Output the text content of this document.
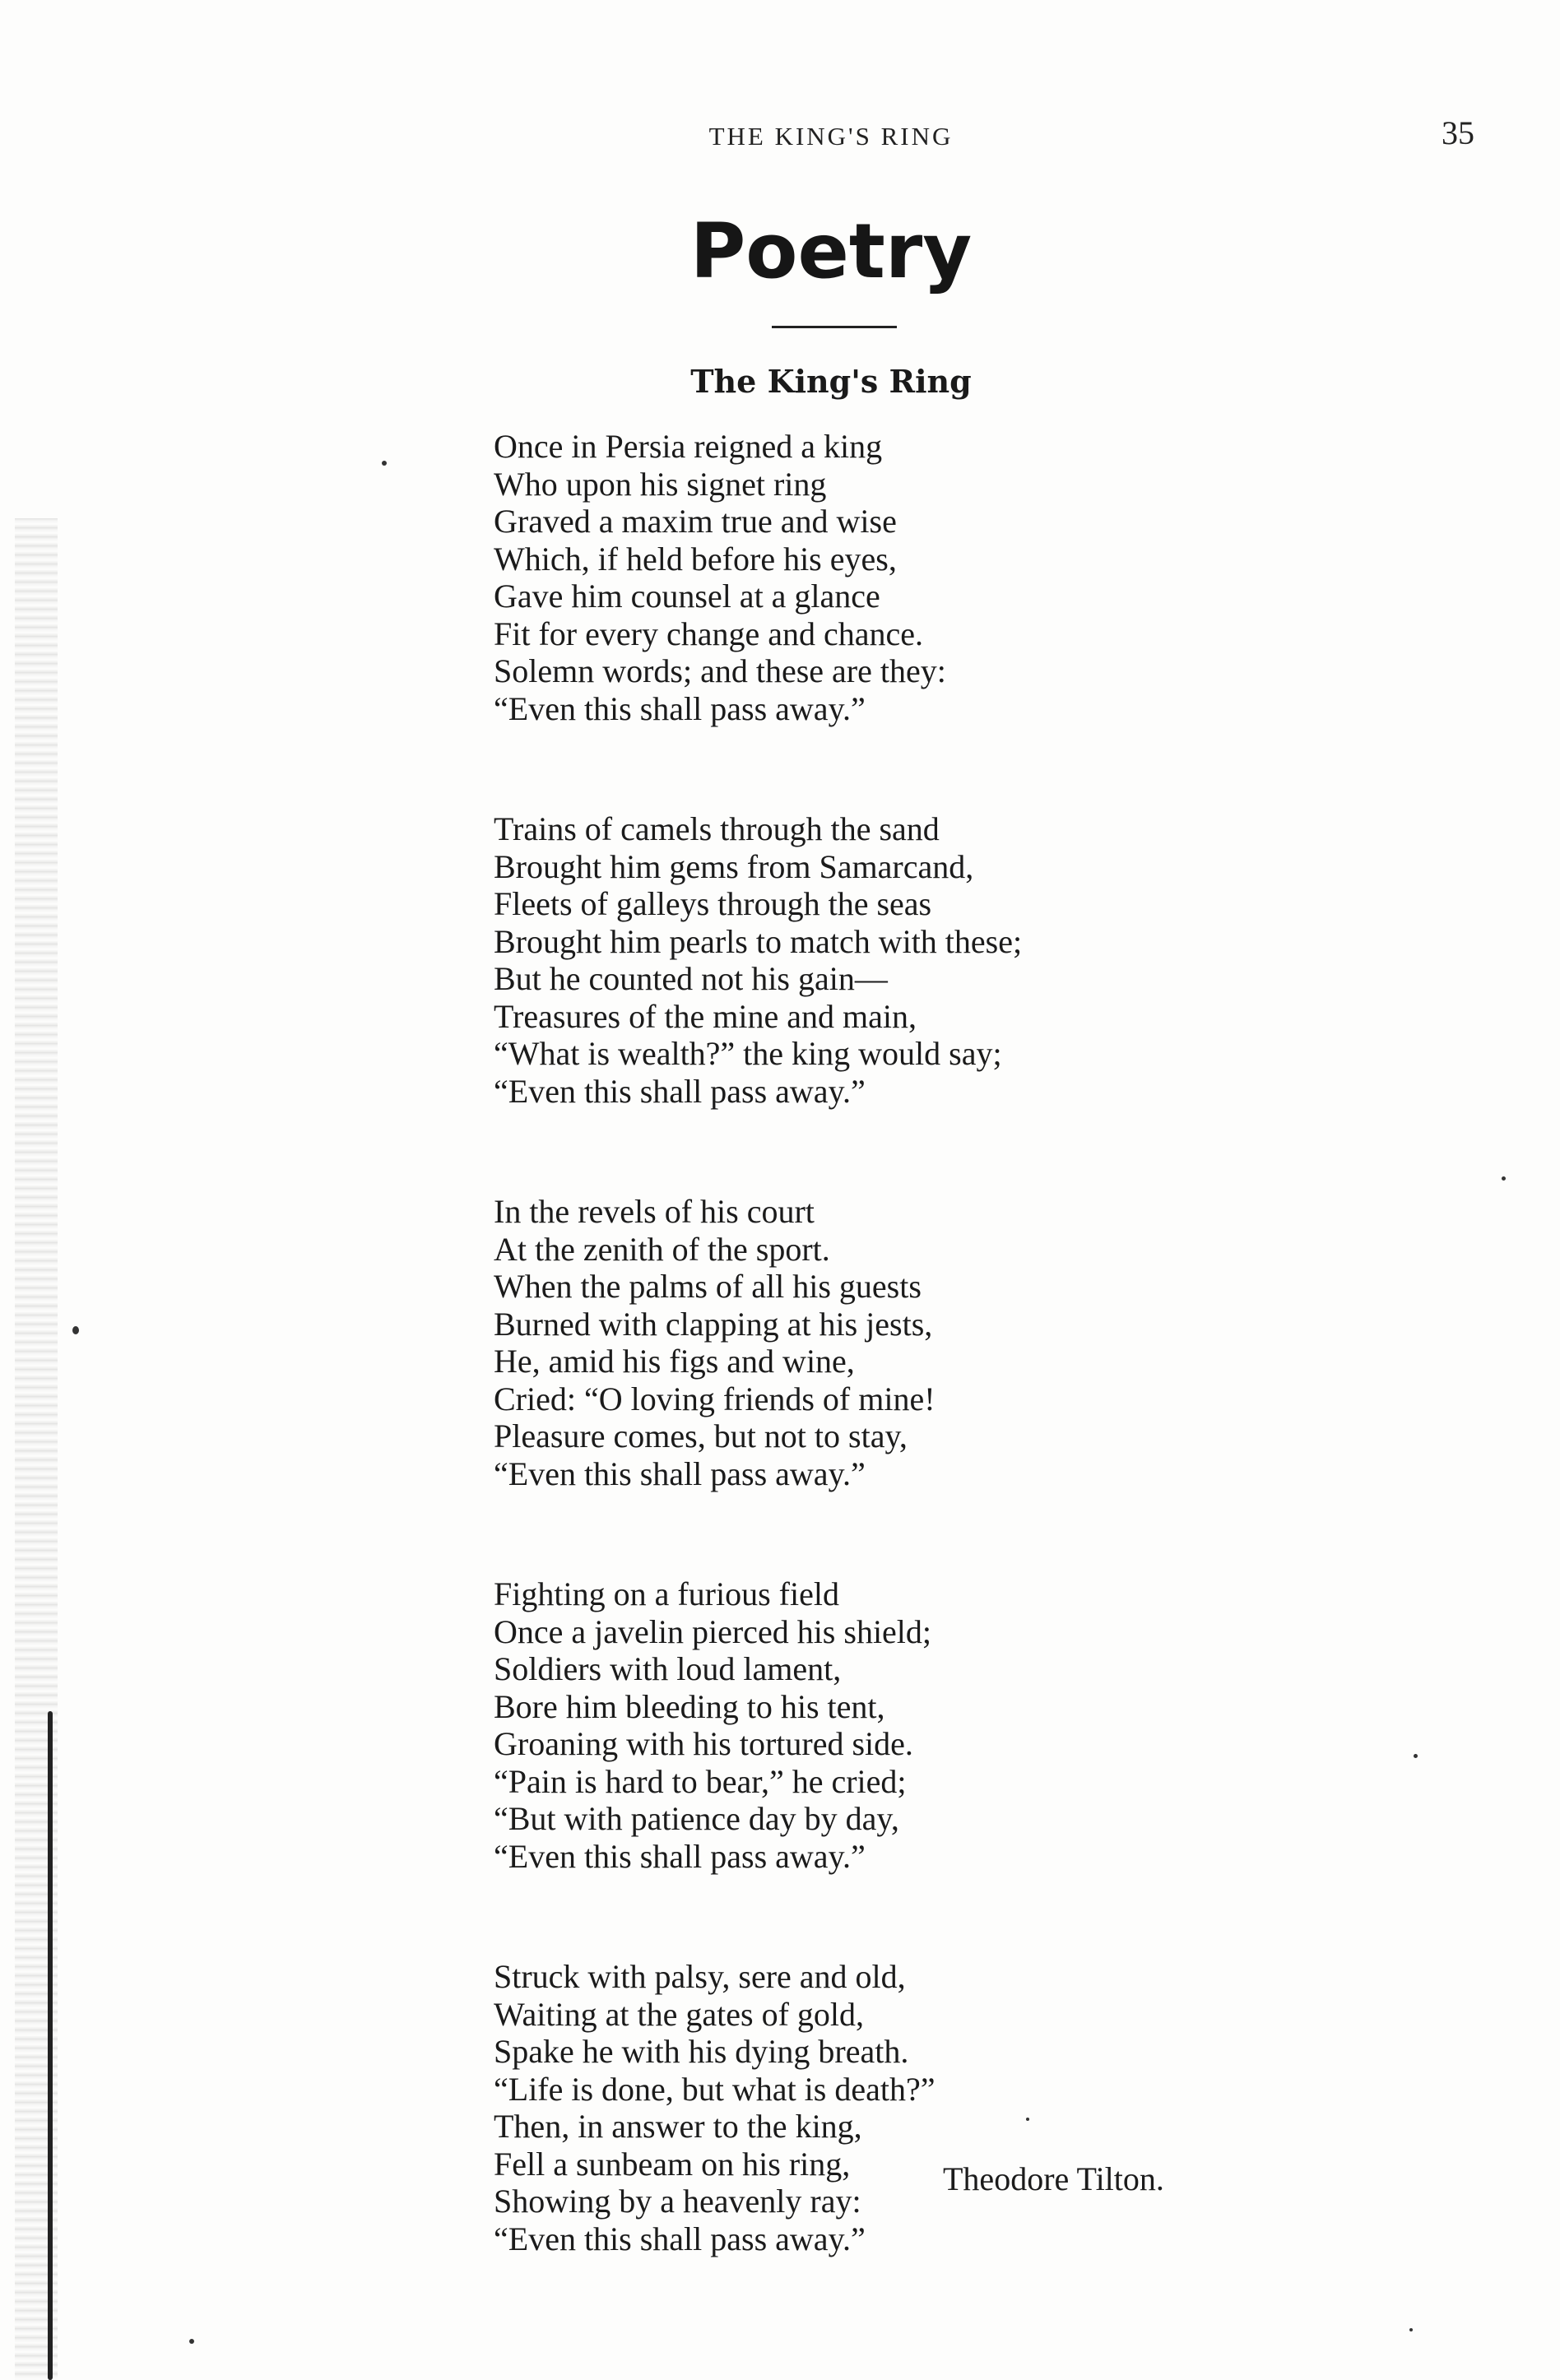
THE KING'S RING	35
Poetry
The King's Ring
Once in Persia reigned a king
Who upon his signet ring
Graved a maxim true and wise
Which, if held before his eyes,
Gave him counsel at a glance
Fit for every change and chance.
Solemn words; and these are they:
“Even this shall pass away.”
Trains of camels through the sand
Brought him gems from Samarcand,
Fleets of galleys through the seas
Brought him pearls to match with these;
But he counted not his gain—
Treasures of the mine and main,
“What is wealth?” the king would say;
“Even this shall pass away.”
In the revels of his court
At the zenith of the sport.
When the palms of all his guests
Burned with clapping at his jests,
He, amid his figs and wine,
Cried: “O loving friends of mine!
Pleasure comes, but not to stay,
“Even this shall pass away.”
Fighting on a furious field
Once a javelin pierced his shield;
Soldiers with loud lament,
Bore him bleeding to his tent,
Groaning with his tortured side.
“Pain is hard to bear,” he cried;
“But with patience day by day,
“Even this shall pass away.”
Struck with palsy, sere and old,
Waiting at the gates of gold,
Spake he with his dying breath.
“Life is done, but what is death?”
Then, in answer to the king,
Fell a sunbeam on his ring,
Showing by a heavenly ray:
“Even this shall pass away.”
Theodore Tilton.
